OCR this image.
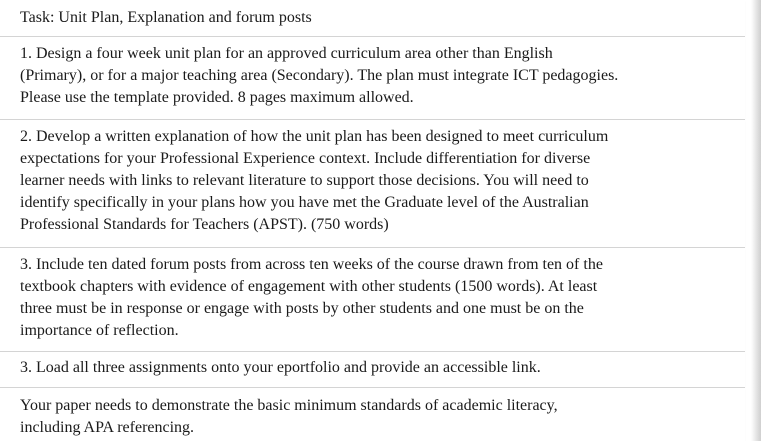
Task: Unit Plan, Explanation and forum posts

1. Design a four week unit plan for an approved curriculum area other than English

(Primary), or for a major teaching area (Secondary). The plan must integrate ICT pedagogies.

Please use the template provided. 8 pages maximum allowed.

2. Develop a written explanation of how the unit plan has been designed to meet curriculum

expectations for your Professional Experience context. Include differentiation for diverse

learner needs with links to relevant literature to support those decisions. You will need to

identify specifically in your plans how you have met the Graduate level of the Australian

Professional Standards for Teachers (APST). (750 words)

3. Include ten dated forum posts from across ten weeks of the course drawn from ten of the

textbook chapters with evidence of engagement with other students (1500 words). At least

three must be in response or engage with posts by other students and one must be on the

importance of reflection.

3. Load all three assignments onto your eportfolio and provide an accessible link.

Your paper needs to demonstrate the basic minimum standards of academic literacy,

including APA referencing.
